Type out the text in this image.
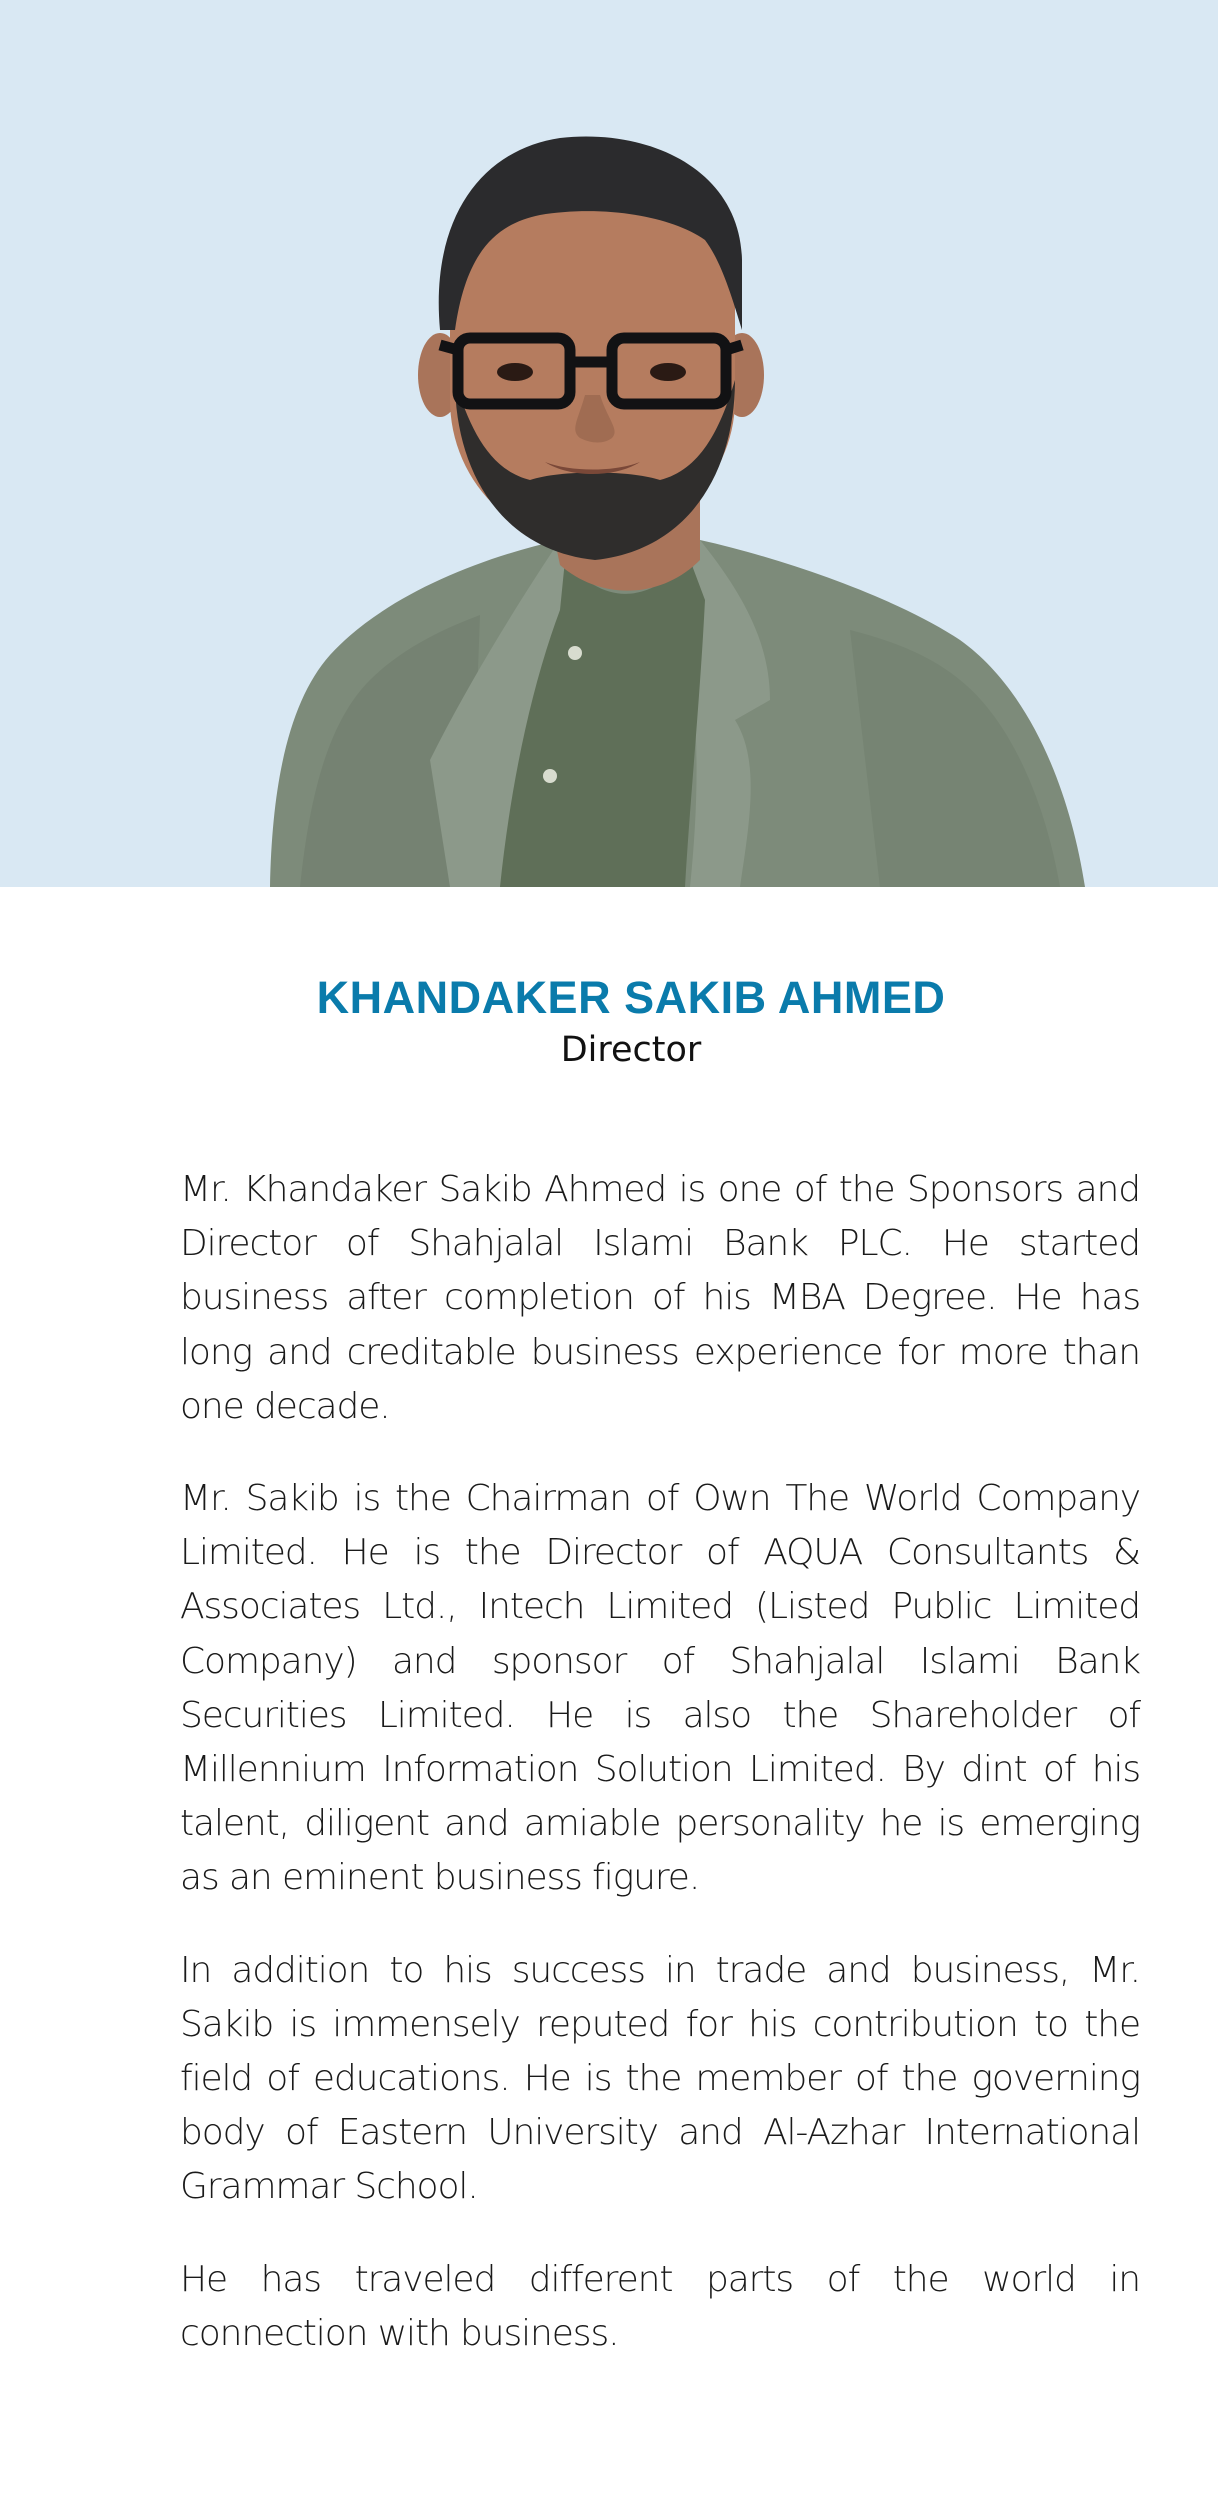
KHANDAKER SAKIB AHMED

Director

Mr. Khandaker Sakib Ahmed is one of the Sponsors and Director of Shahjalal Islami Bank PLC. He started business after completion of his MBA Degree. He has long and creditable business experience for more than one decade.

Mr. Sakib is the Chairman of Own The World Company Limited. He is the Director of AQUA Consultants & Associates Ltd., Intech Limited (Listed Public Limited Company) and sponsor of Shahjalal Islami Bank Securities Limited. He is also the Shareholder of Millennium Information Solution Limited. By dint of his talent, diligent and amiable personality he is emerging as an eminent business figure.

In addition to his success in trade and business, Mr. Sakib is immensely reputed for his contribution to the field of educations. He is the member of the governing body of Eastern University and Al-Azhar International Grammar School.

He has traveled different parts of the world in connection with business.
